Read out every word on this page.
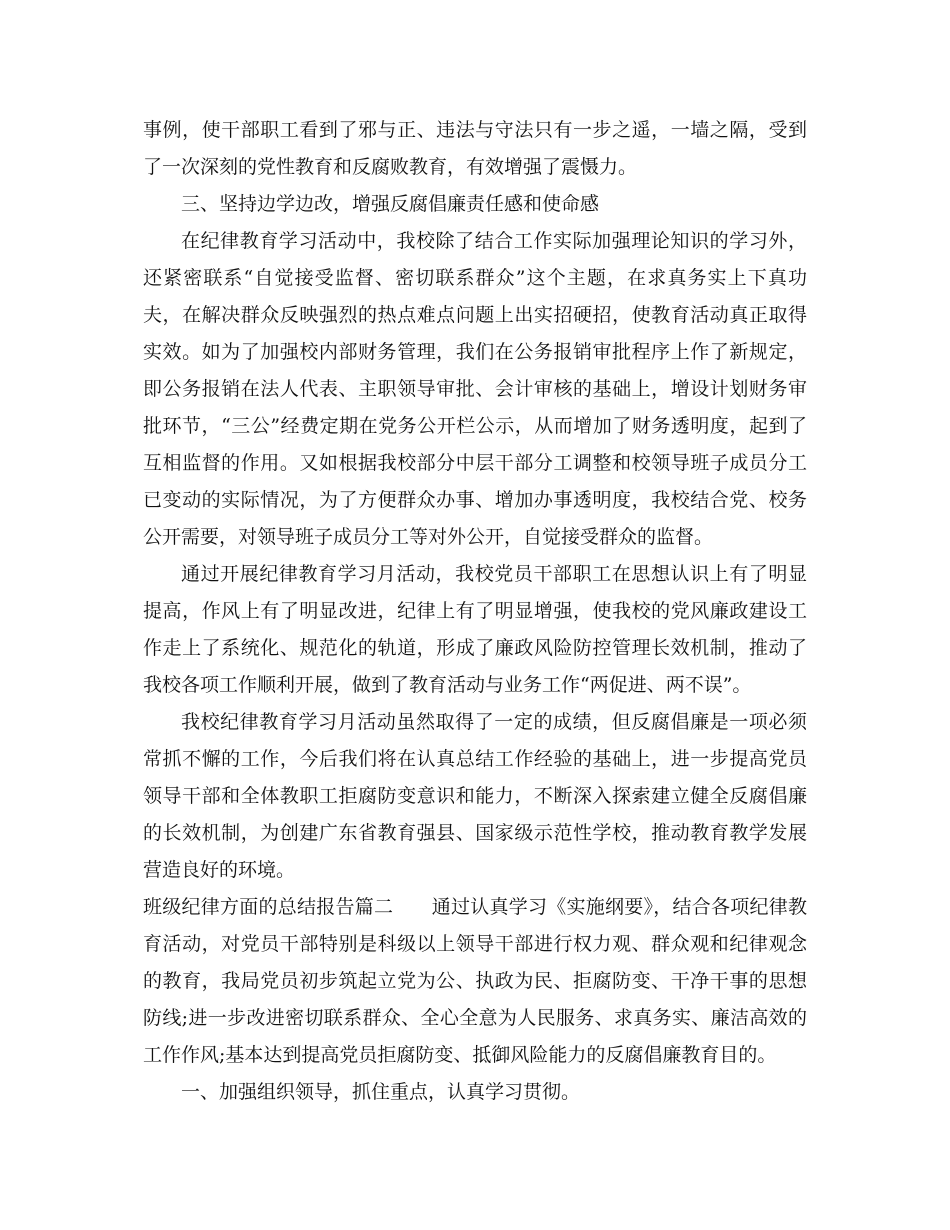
事例，使干部职工看到了邪与正、违法与守法只有一步之遥，一墙之隔，受到了一次深刻的党性教育和反腐败教育，有效增强了震慑力。

三、坚持边学边改，增强反腐倡廉责任感和使命感

在纪律教育学习活动中，我校除了结合工作实际加强理论知识的学习外，还紧密联系“自觉接受监督、密切联系群众”这个主题，在求真务实上下真功夫，在解决群众反映强烈的热点难点问题上出实招硬招，使教育活动真正取得实效。如为了加强校内部财务管理，我们在公务报销审批程序上作了新规定，即公务报销在法人代表、主职领导审批、会计审核的基础上，增设计划财务审批环节，“三公”经费定期在党务公开栏公示，从而增加了财务透明度，起到了互相监督的作用。又如根据我校部分中层干部分工调整和校领导班子成员分工已变动的实际情况，为了方便群众办事、增加办事透明度，我校结合党、校务公开需要，对领导班子成员分工等对外公开，自觉接受群众的监督。

通过开展纪律教育学习月活动，我校党员干部职工在思想认识上有了明显提高，作风上有了明显改进，纪律上有了明显增强，使我校的党风廉政建设工作走上了系统化、规范化的轨道，形成了廉政风险防控管理长效机制，推动了我校各项工作顺利开展，做到了教育活动与业务工作“两促进、两不误”。

我校纪律教育学习月活动虽然取得了一定的成绩，但反腐倡廉是一项必须常抓不懈的工作，今后我们将在认真总结工作经验的基础上，进一步提高党员领导干部和全体教职工拒腐防变意识和能力，不断深入探索建立健全反腐倡廉的长效机制，为创建广东省教育强县、国家级示范性学校，推动教育教学发展营造良好的环境。

班级纪律方面的总结报告篇二　　通过认真学习《实施纲要》，结合各项纪律教育活动，对党员干部特别是科级以上领导干部进行权力观、群众观和纪律观念的教育，我局党员初步筑起立党为公、执政为民、拒腐防变、干净干事的思想防线;进一步改进密切联系群众、全心全意为人民服务、求真务实、廉洁高效的工作作风;基本达到提高党员拒腐防变、抵御风险能力的反腐倡廉教育目的。

一、加强组织领导，抓住重点，认真学习贯彻。
